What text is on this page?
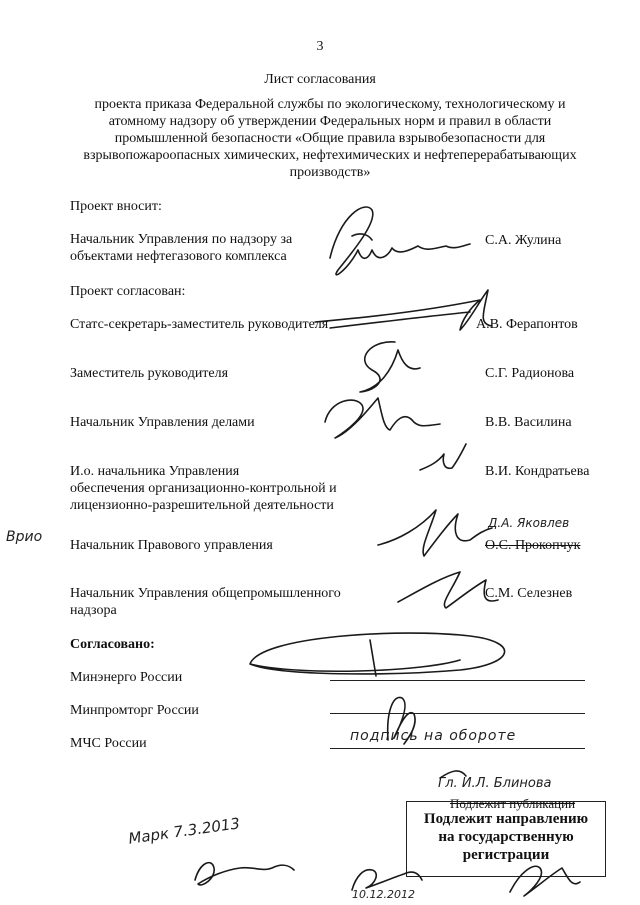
3
Лист согласования
проекта приказа Федеральной службы по экологическому, технологическому и
атомному надзору об утверждении Федеральных норм и правил в области
промышленной безопасности «Общие правила взрывобезопасности для
взрывопожароопасных химических, нефтехимических и нефтеперерабатывающих
производств»
Проект вносит:
Начальник Управления по надзору за
объектами нефтегазового комплекса
С.А. Жулина
Проект согласован:
Статс-секретарь-заместитель руководителя	А.В. Ферапонтов
Заместитель руководителя	С.Г. Радионова
Начальник Управления делами	В.В. Василина
И.о. начальника Управления
обеспечения организационно-контрольной и
лицензионно-разрешительной деятельности
В.И. Кондратьева
Врио
Начальник Правового управления	О.С. Прокопчук
Д.А. Яковлев
Начальник Управления общепромышленного
надзора
С.М. Селезнев
Согласовано:
Минэнерго России
Минпромторг России
МЧС России	подпись на обороте
Гл. И.Л. Блинова
Подлежит публикации
Подлежит направлению
на государственную
регистрации
Марк 7.3.2013
10.12.2012
